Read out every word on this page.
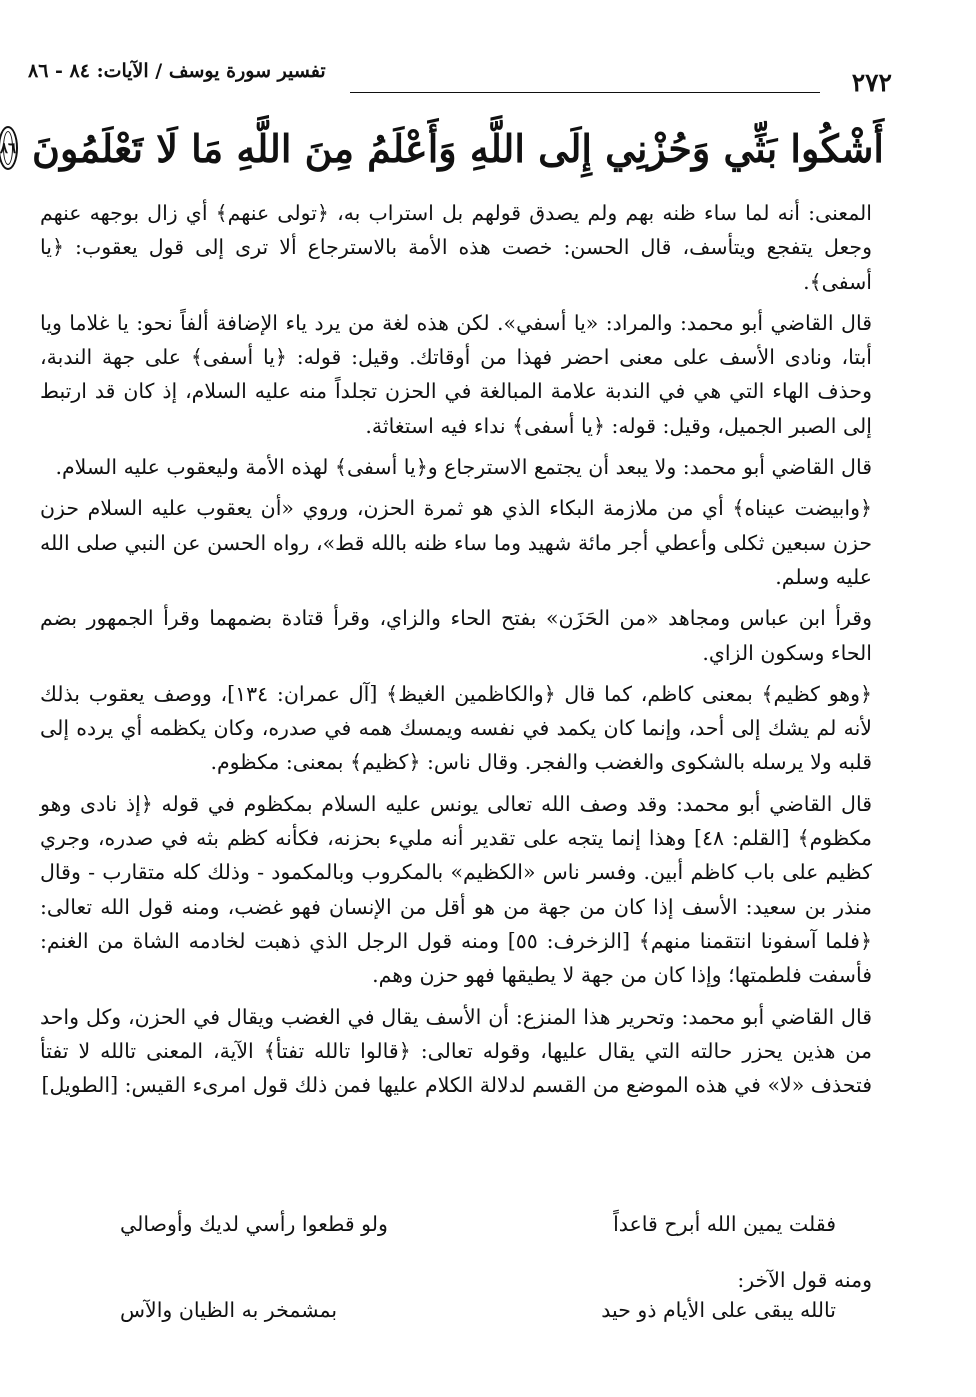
٢٧٢
تفسير سورة يوسف / الآيات: ٨٤ - ٨٦
أَشْكُوا بَثِّي وَحُزْنِي إِلَى اللَّهِ وَأَعْلَمُ مِنَ اللَّهِ مَا لَا تَعْلَمُونَ
٨٦

المعنى: أنه لما ساء ظنه بهم ولم يصدق قولهم بل استراب به، ﴿تولى عنهم﴾ أي زال بوجهه عنهم وجعل يتفجع ويتأسف، قال الحسن: خصت هذه الأمة بالاسترجاع ألا ترى إلى قول يعقوب: ﴿يا أسفى﴾.

قال القاضي أبو محمد: والمراد: «يا أسفي». لكن هذه لغة من يرد ياء الإضافة ألفاً نحو: يا غلاما ويا أبتا، ونادى الأسف على معنى احضر فهذا من أوقاتك. وقيل: قوله: ﴿يا أسفى﴾ على جهة الندبة، وحذف الهاء التي هي في الندبة علامة المبالغة في الحزن تجلداً منه عليه السلام، إذ كان قد ارتبط إلى الصبر الجميل، وقيل: قوله: ﴿يا أسفى﴾ نداء فيه استغاثة.

قال القاضي أبو محمد: ولا يبعد أن يجتمع الاسترجاع و﴿يا أسفى﴾ لهذه الأمة وليعقوب عليه السلام.

﴿وابيضت عيناه﴾ أي من ملازمة البكاء الذي هو ثمرة الحزن، وروي «أن يعقوب عليه السلام حزن حزن سبعين ثكلى وأعطي أجر مائة شهيد وما ساء ظنه بالله قط»، رواه الحسن عن النبي صلى الله عليه وسلم.

وقرأ ابن عباس ومجاهد «من الحَزَن» بفتح الحاء والزاي، وقرأ قتادة بضمهما وقرأ الجمهور بضم الحاء وسكون الزاي.

﴿وهو كظيم﴾ بمعنى كاظم، كما قال ﴿والكاظمين الغيظ﴾ [آل عمران: ١٣٤]، ووصف يعقوب بذلك لأنه لم يشك إلى أحد، وإنما كان يكمد في نفسه ويمسك همه في صدره، وكان يكظمه أي يرده إلى قلبه ولا يرسله بالشكوى والغضب والفجر. وقال ناس: ﴿كظيم﴾ بمعنى: مكظوم.

قال القاضي أبو محمد: وقد وصف الله تعالى يونس عليه السلام بمكظوم في قوله ﴿إذ نادى وهو مكظوم﴾ [القلم: ٤٨] وهذا إنما يتجه على تقدير أنه مليء بحزنه، فكأنه كظم بثه في صدره، وجري كظيم على باب كاظم أبين. وفسر ناس «الكظيم» بالمكروب وبالمكمود - وذلك كله متقارب - وقال منذر بن سعيد: الأسف إذا كان من جهة من هو أقل من الإنسان فهو غضب، ومنه قول الله تعالى: ﴿فلما آسفونا انتقمنا منهم﴾ [الزخرف: ٥٥] ومنه قول الرجل الذي ذهبت لخادمه الشاة من الغنم: فأسفت فلطمتها؛ وإذا كان من جهة لا يطيقها فهو حزن وهم.

قال القاضي أبو محمد: وتحرير هذا المنزع: أن الأسف يقال في الغضب ويقال في الحزن، وكل واحد من هذين يحزر حالته التي يقال عليها، وقوله تعالى: ﴿قالوا تالله تفتأ﴾ الآية، المعنى تالله لا تفتأ فتحذف «لا» في هذه الموضع من القسم لدلالة الكلام عليها فمن ذلك قول امرىء القيس: [الطويل]

فقلت يمين الله أبرح قاعداً
ولو قطعوا رأسي لديك وأوصالي
ومنه قول الآخر:
تالله يبقى على الأيام ذو حيد
بمشمخر به الظيان والآس
